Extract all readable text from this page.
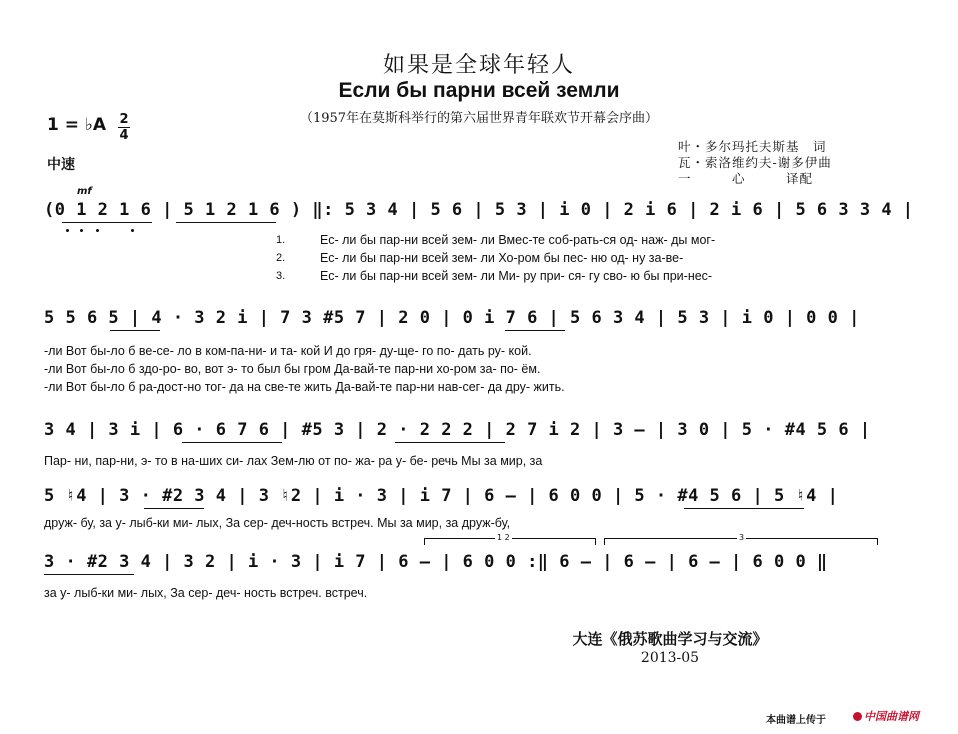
如果是全球年轻人
Если бы парни всей земли
（1957年在莫斯科举行的第六届世界青年联欢节开幕会序曲）
1 = ♭A 2
4
中速
mf
叶・多尔玛托夫斯基　词
瓦・索洛维约夫-谢多伊曲
一　　　心　　　译配
(0 1 2 1 6 | 5 1 2 1 6 ) ‖: 5 3 4 | 5 6 | 5 3 | i 0 | 2 i 6 | 2 i 6 | 5 6 3 3 4 |
1.
2.
3.
Ес- ли бы пар-ни всей зем- ли Вмес-те соб-рать-ся од- наж- ды мог-
Ес- ли бы пар-ни всей зем- ли Хо-ром бы пес- ню од- ну за-ве-
Ес- ли бы пар-ни всей зем- ли Ми- ру при- ся- гу сво- ю бы при-нес-
5 5 6 5 | 4 · 3 2 i | 7 3 #5 7 | 2 0 | 0 i 7 6 | 5 6 3 4 | 5 3 | i 0 | 0 0 |
-ли Вот бы-ло б ве-се- ло в ком-па-ни- и та- кой И до гря- ду-ще- го по- дать ру- кой.
-ли Вот бы-ло б здо-ро- во, вот э- то был бы гром Да-вай-те пар-ни хо-ром за- по- ём.
-ли Вот бы-ло б ра-дост-но тог- да на све-те жить Да-вай-те пар-ни нав-сег- да дру- жить.
3 4 | 3 i | 6 · 6 7 6 | #5 3 | 2 · 2 2 2 | 2 7 i 2 | 3 — | 3 0 | 5 · #4 5 6 |
Пар- ни, пар-ни, э- то в на-ших си- лах Зем-лю от по- жа- ра у- бе- речь Мы за мир, за
5 ♮4 | 3 · #2 3 4 | 3 ♮2 | i · 3 | i 7 | 6 — | 6 0 0 | 5 · #4 5 6 | 5 ♮4 |
друж- бу, за у- лыб-ки ми- лых, За сер- деч-ность встреч. Мы за мир, за друж-бу,
1 2	3
3 · #2 3 4 | 3 2 | i · 3 | i 7 | 6 — | 6 0 0 :‖ 6 — | 6 — | 6 — | 6 0 0 ‖
за у- лыб-ки ми- лых, За сер- деч- ность встреч. встреч.
大连《俄苏歌曲学习与交流》
2013-05
本曲谱上传于	中国曲谱网
